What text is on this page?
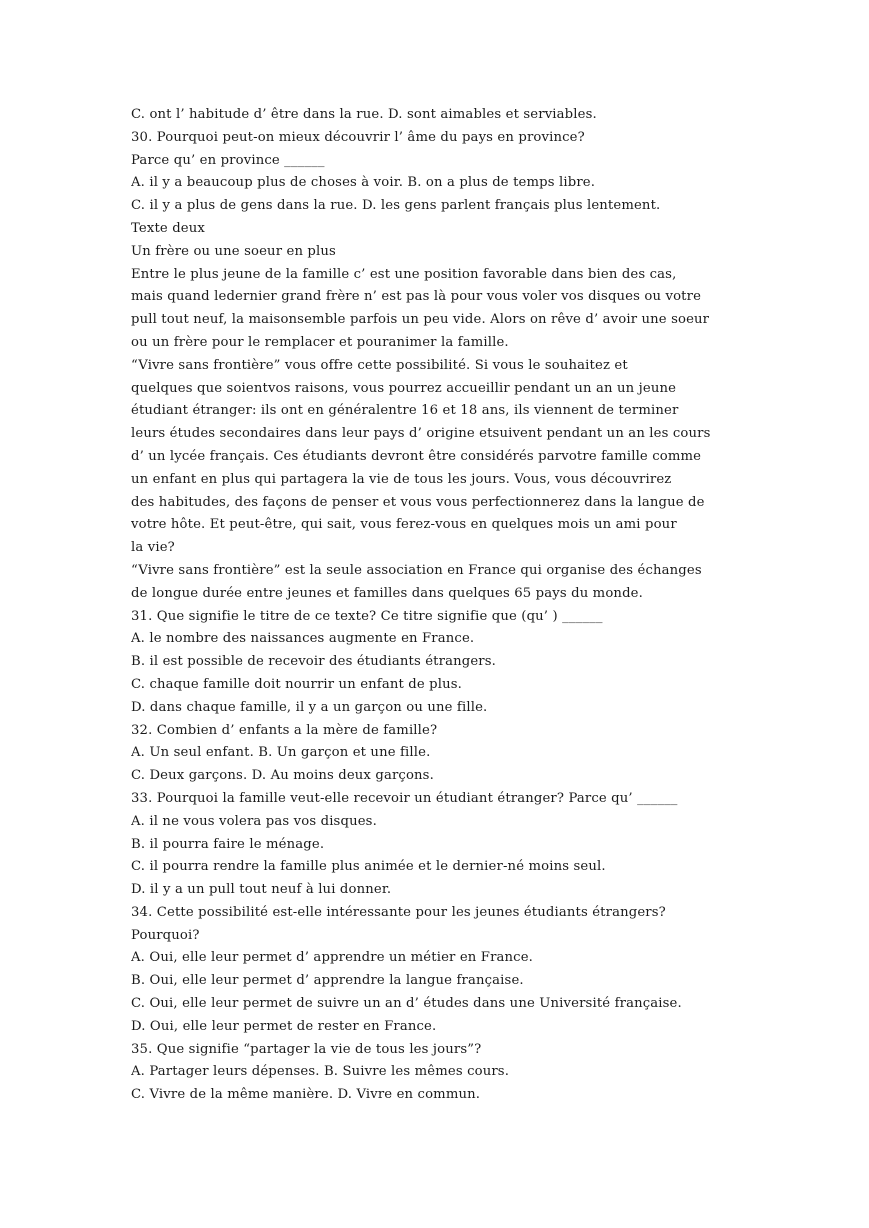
C. ont l’ habitude d’ être dans la rue. D. sont aimables et serviables.
30. Pourquoi peut-on mieux découvrir l’ âme du pays en province?
Parce qu’ en province ______
A. il y a beaucoup plus de choses à voir. B. on a plus de temps libre.
C. il y a plus de gens dans la rue. D. les gens parlent français plus lentement.
Texte deux
Un frère ou une soeur en plus
Entre le plus jeune de la famille c’ est une position favorable dans bien des cas,
mais quand ledernier grand frère n’ est pas là pour vous voler vos disques ou votre
pull tout neuf, la maisonsemble parfois un peu vide. Alors on rêve d’ avoir une soeur
ou un frère pour le remplacer et pouranimer la famille.
“Vivre sans frontière” vous offre cette possibilité. Si vous le souhaitez et
quelques que soientvos raisons, vous pourrez accueillir pendant un an un jeune
étudiant étranger: ils ont en généralentre 16 et 18 ans, ils viennent de terminer
leurs études secondaires dans leur pays d’ origine etsuivent pendant un an les cours
d’ un lycée français. Ces étudiants devront être considérés parvotre famille comme
un enfant en plus qui partagera la vie de tous les jours. Vous, vous découvrirez
des habitudes, des façons de penser et vous vous perfectionnerez dans la langue de
votre hôte. Et peut-être, qui sait, vous ferez-vous en quelques mois un ami pour
la vie?
“Vivre sans frontière” est la seule association en France qui organise des échanges
de longue durée entre jeunes et familles dans quelques 65 pays du monde.
31. Que signifie le titre de ce texte? Ce titre signifie que (qu’ ) ______
A. le nombre des naissances augmente en France.
B. il est possible de recevoir des étudiants étrangers.
C. chaque famille doit nourrir un enfant de plus.
D. dans chaque famille, il y a un garçon ou une fille.
32. Combien d’ enfants a la mère de famille?
A. Un seul enfant. B. Un garçon et une fille.
C. Deux garçons. D. Au moins deux garçons.
33. Pourquoi la famille veut-elle recevoir un étudiant étranger? Parce qu’ ______
A. il ne vous volera pas vos disques.
B. il pourra faire le ménage.
C. il pourra rendre la famille plus animée et le dernier-né moins seul.
D. il y a un pull tout neuf à lui donner.
34. Cette possibilité est-elle intéressante pour les jeunes étudiants étrangers?
Pourquoi?
A. Oui, elle leur permet d’ apprendre un métier en France.
B. Oui, elle leur permet d’ apprendre la langue française.
C. Oui, elle leur permet de suivre un an d’ études dans une Université française.
D. Oui, elle leur permet de rester en France.
35. Que signifie “partager la vie de tous les jours”?
A. Partager leurs dépenses. B. Suivre les mêmes cours.
C. Vivre de la même manière. D. Vivre en commun.
